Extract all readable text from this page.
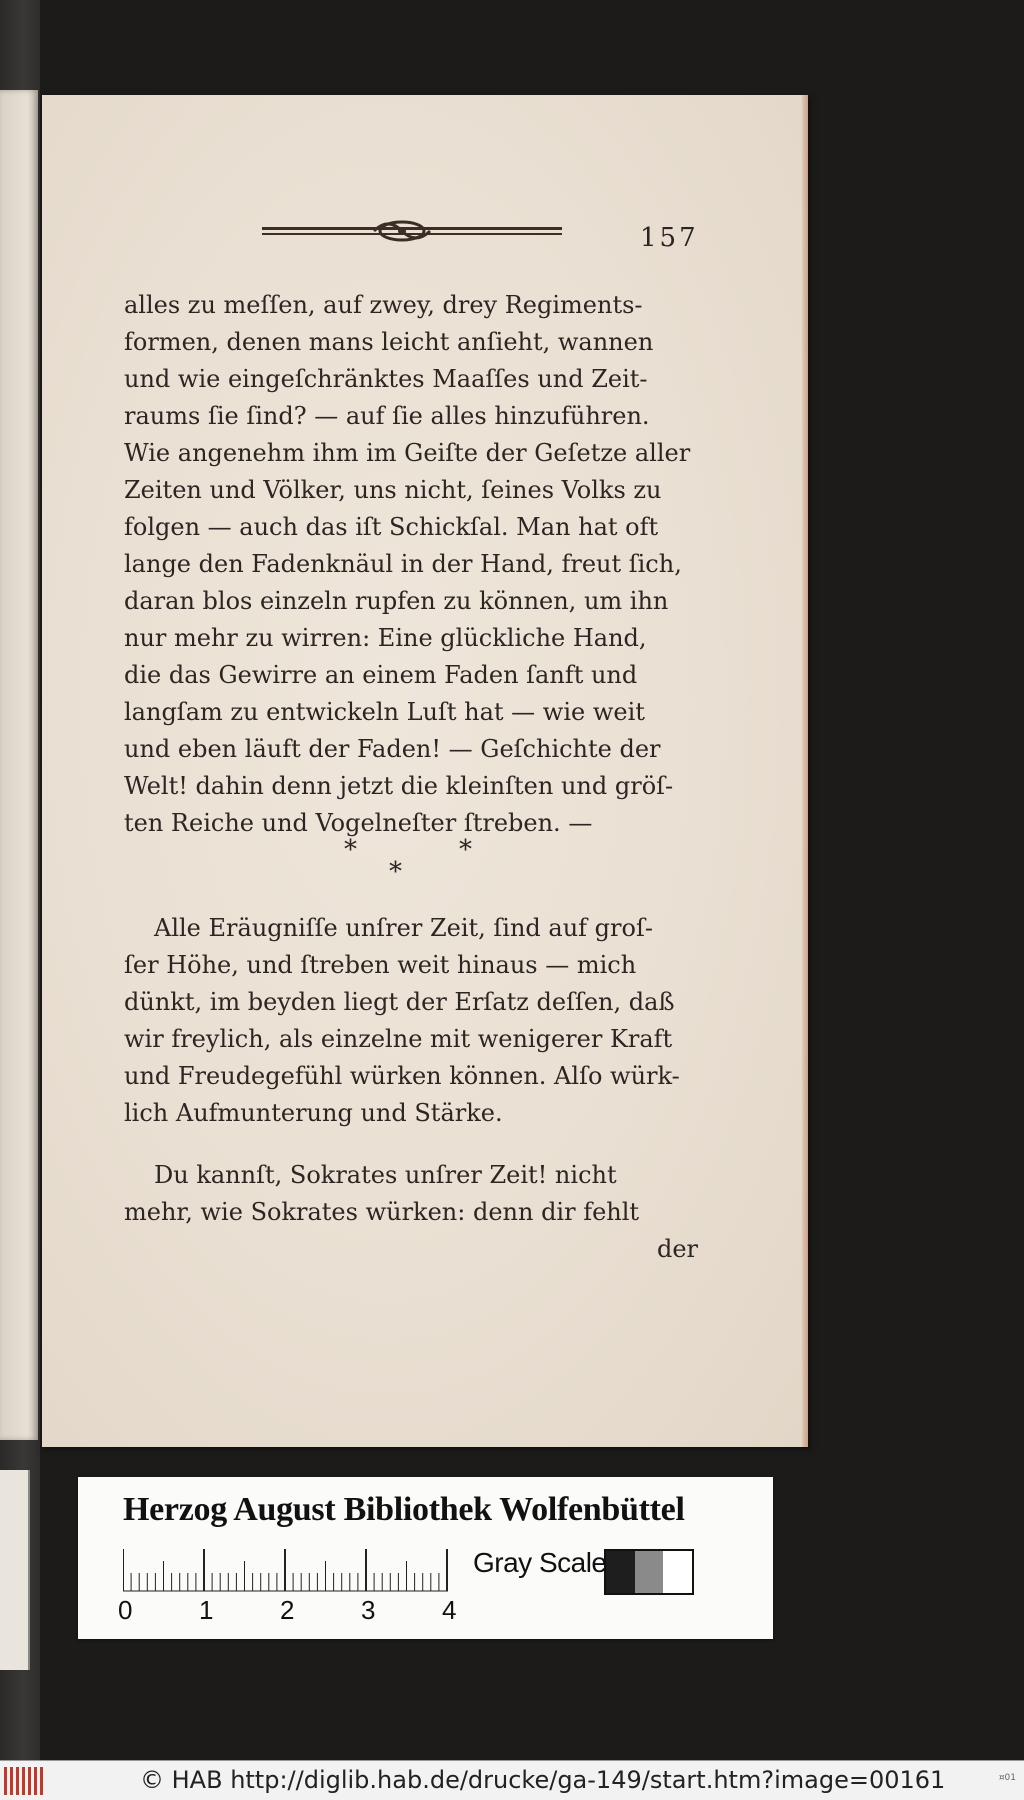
157
alles zu meſſen, auf zwey, drey Regiments-
formen, denen mans leicht anſieht, wannen
und wie eingeſchränktes Maaſſes und Zeit-
raums ſie ſind? — auf ſie alles hinzuführen.
Wie angenehm ihm im Geiſte der Geſetze aller
Zeiten und Völker, uns nicht, ſeines Volks zu
folgen — auch das iſt Schickſal. Man hat oft
lange den Fadenknäul in der Hand, freut ſich,
daran blos einzeln rupfen zu können, um ihn
nur mehr zu wirren: Eine glückliche Hand,
die das Gewirre an einem Faden ſanft und
langſam zu entwickeln Luſt hat — wie weit
und eben läuft der Faden! — Geſchichte der
Welt! dahin denn jetzt die kleinſten und gröſ-
ten Reiche und Vogelneſter ſtreben. —
*	*
*
Alle Eräugniſſe unſrer Zeit, ſind auf groſ-
ſer Höhe, und ſtreben weit hinaus — mich
dünkt, im beyden liegt der Erſatz deſſen, daß
wir freylich, als einzelne mit wenigerer Kraft
und Freudegefühl würken können. Alſo würk-
lich Aufmunterung und Stärke.
Du kannſt, Sokrates unſrer Zeit! nicht
mehr, wie Sokrates würken: denn dir fehlt
der
Herzog August Bibliothek Wolfenbüttel
0	1	2	3	4
Gray Scale
© HAB http://diglib.hab.de/drucke/ga-149/start.htm?image=00161	¤01
